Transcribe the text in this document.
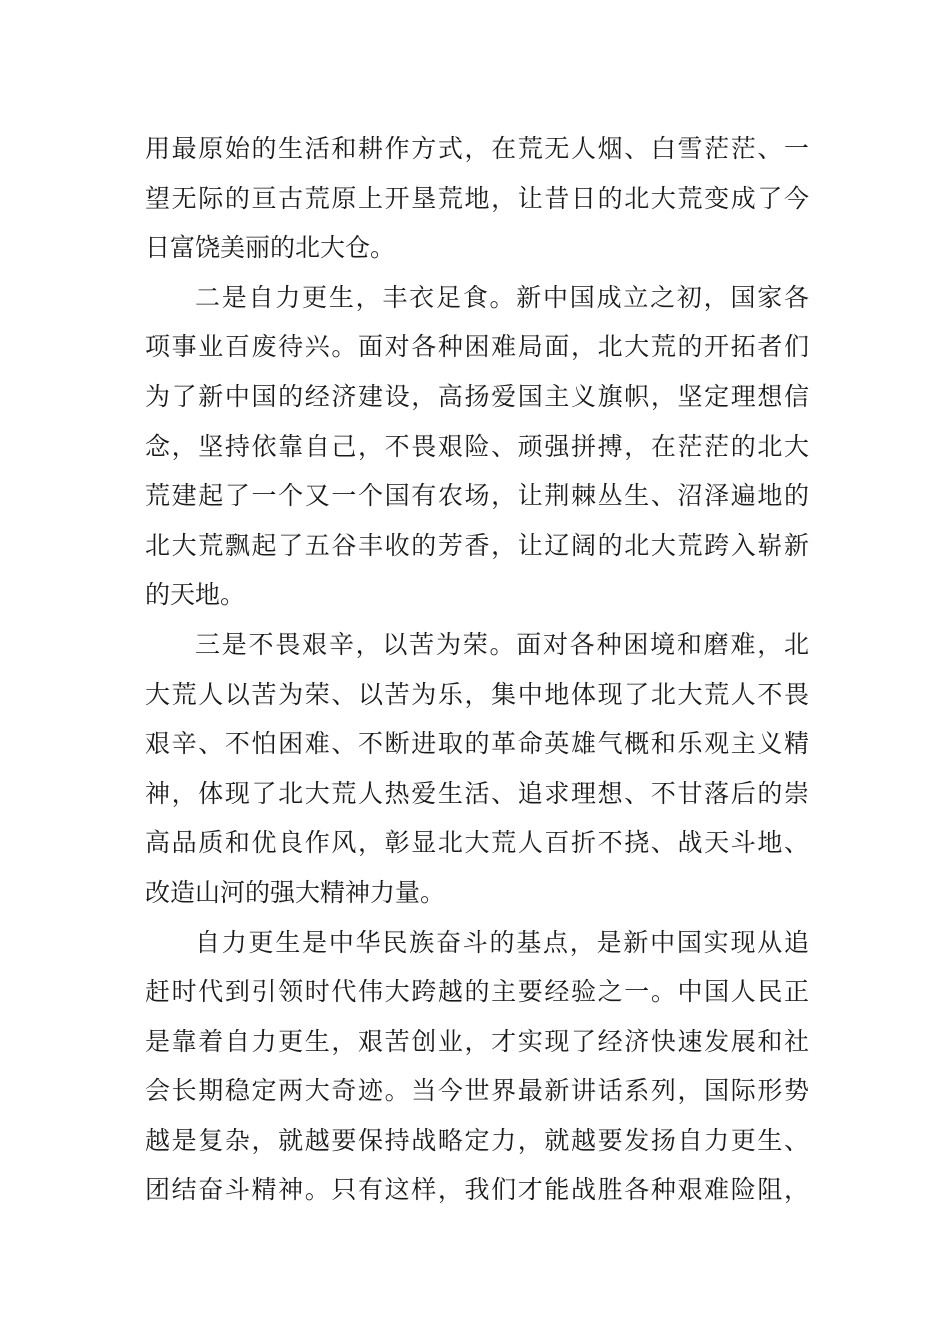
用最原始的生活和耕作方式，在荒无人烟、白雪茫茫、一
望无际的亘古荒原上开垦荒地，让昔日的北大荒变成了今
日富饶美丽的北大仓。
二是自力更生，丰衣足食。新中国成立之初，国家各
项事业百废待兴。面对各种困难局面，北大荒的开拓者们
为了新中国的经济建设，高扬爱国主义旗帜，坚定理想信
念，坚持依靠自己，不畏艰险、顽强拼搏，在茫茫的北大
荒建起了一个又一个国有农场，让荆棘丛生、沼泽遍地的
北大荒飘起了五谷丰收的芳香，让辽阔的北大荒跨入崭新
的天地。
三是不畏艰辛，以苦为荣。面对各种困境和磨难，北
大荒人以苦为荣、以苦为乐，集中地体现了北大荒人不畏
艰辛、不怕困难、不断进取的革命英雄气概和乐观主义精
神，体现了北大荒人热爱生活、追求理想、不甘落后的崇
高品质和优良作风，彰显北大荒人百折不挠、战天斗地、
改造山河的强大精神力量。
自力更生是中华民族奋斗的基点，是新中国实现从追
赶时代到引领时代伟大跨越的主要经验之一。中国人民正
是靠着自力更生，艰苦创业，才实现了经济快速发展和社
会长期稳定两大奇迹。当今世界最新讲话系列，国际形势
越是复杂，就越要保持战略定力，就越要发扬自力更生、
团结奋斗精神。只有这样，我们才能战胜各种艰难险阻，
